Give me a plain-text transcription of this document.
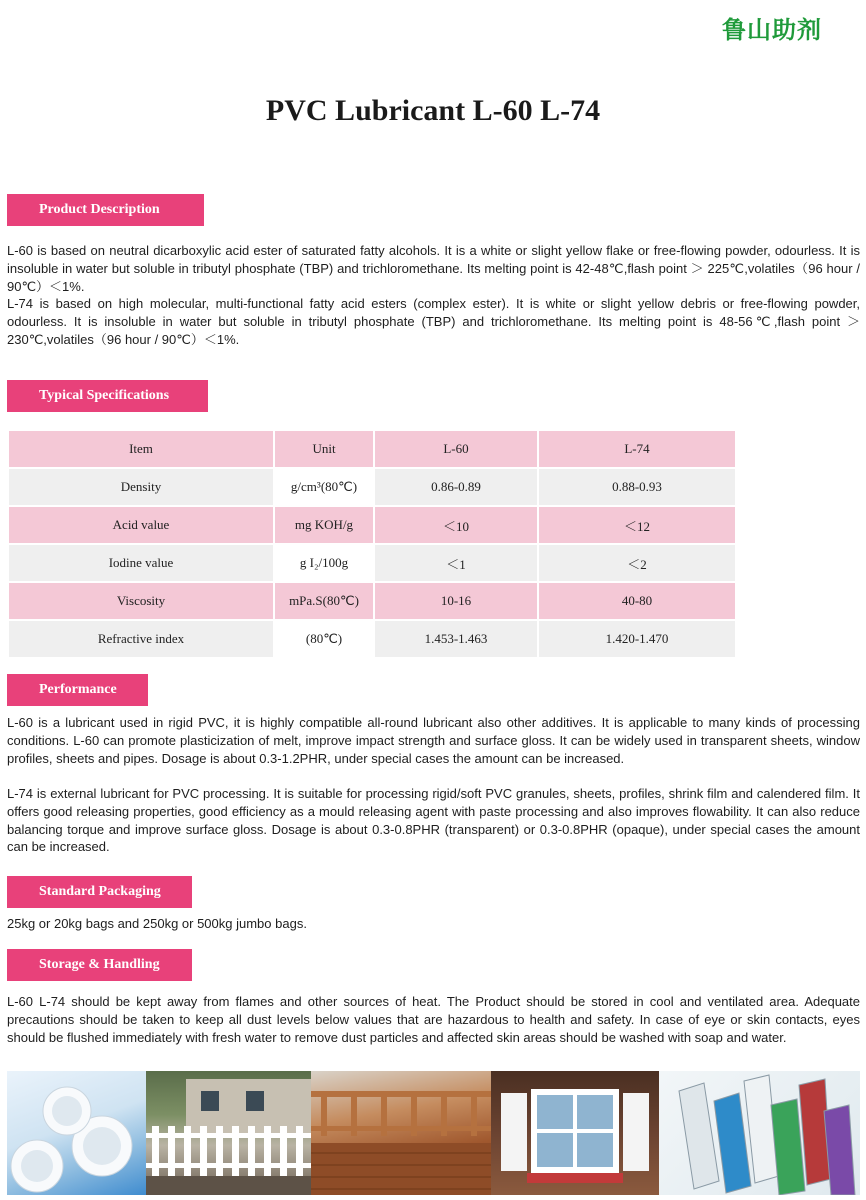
鲁山助剂
PVC Lubricant L-60 L-74
Product Description

L-60 is based on neutral dicarboxylic acid ester of saturated fatty alcohols. It is a white or slight yellow flake or free-flowing powder, odourless. It is insoluble in water but soluble in tributyl phosphate (TBP) and trichloromethane. Its melting point is 42-48℃,flash point ＞ 225℃,volatiles（96 hour / 90℃）＜1%.

L-74 is based on high molecular, multi-functional fatty acid esters (complex ester). It is white or slight yellow debris or free-flowing powder, odourless. It is insoluble in water but soluble in tributyl phosphate (TBP) and trichloromethane. Its melting point is 48-56℃,flash point ＞ 230℃,volatiles（96 hour / 90℃）＜1%.

Typical Specifications
Item	Unit	L-60	L-74
Density	g/cm³(80℃)	0.86-0.89	0.88-0.93
Acid value	mg KOH/g	＜10	＜12
Iodine value	g I₂/100g	＜1	＜2
Viscosity	mPa.S(80℃)	10-16	40-80
Refractive index	(80℃)	1.453-1.463	1.420-1.470
Performance

L-60 is a lubricant used in rigid PVC, it is highly compatible all-round lubricant also other additives. It is applicable to many kinds of processing conditions. L-60 can promote plasticization of melt, improve impact strength and surface gloss. It can be widely used in transparent sheets, window profiles, sheets and pipes. Dosage is about 0.3-1.2PHR, under special cases the amount can be increased.

L-74 is external lubricant for PVC processing. It is suitable for processing rigid/soft PVC granules, sheets, profiles, shrink film and calendered film. It offers good releasing properties, good efficiency as a mould releasing agent with paste processing and also improves flowability. It can also reduce balancing torque and improve surface gloss. Dosage is about 0.3-0.8PHR (transparent) or 0.3-0.8PHR (opaque), under special cases the amount can be increased.

Standard Packaging

25kg or 20kg bags and 250kg or 500kg jumbo bags.

Storage & Handling

L-60 L-74 should be kept away from flames and other sources of heat. The Product should be stored in cool and ventilated area. Adequate precautions should be taken to keep all dust levels below values that are hazardous to health and safety. In case of eye or skin contacts, eyes should be flushed immediately with fresh water to remove dust particles and affected skin areas should be washed with soap and water.
